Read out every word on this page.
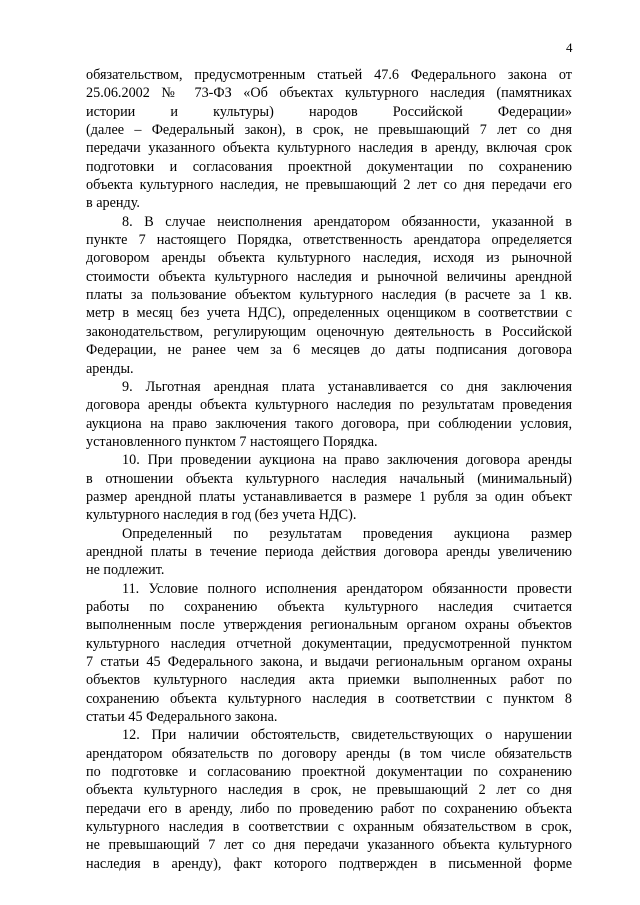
4
обязательством, предусмотренным статьей 47.6 Федерального закона от
25.06.2002 № 73-ФЗ «Об объектах культурного наследия (памятниках
истории и культуры) народов Российской Федерации»
(далее – Федеральный закон), в срок, не превышающий 7 лет со дня
передачи указанного объекта культурного наследия в аренду, включая срок
подготовки и согласования проектной документации по сохранению
объекта культурного наследия, не превышающий 2 лет со дня передачи его
в аренду.
8. В случае неисполнения арендатором обязанности, указанной в
пункте 7 настоящего Порядка, ответственность арендатора определяется
договором аренды объекта культурного наследия, исходя из рыночной
стоимости объекта культурного наследия и рыночной величины арендной
платы за пользование объектом культурного наследия (в расчете за 1 кв.
метр в месяц без учета НДС), определенных оценщиком в соответствии с
законодательством, регулирующим оценочную деятельность в Российской
Федерации, не ранее чем за 6 месяцев до даты подписания договора
аренды.
9. Льготная арендная плата устанавливается со дня заключения
договора аренды объекта культурного наследия по результатам проведения
аукциона на право заключения такого договора, при соблюдении условия,
установленного пунктом 7 настоящего Порядка.
10. При проведении аукциона на право заключения договора аренды
в отношении объекта культурного наследия начальный (минимальный)
размер арендной платы устанавливается в размере 1 рубля за один объект
культурного наследия в год (без учета НДС).
Определенный по результатам проведения аукциона размер
арендной платы в течение периода действия договора аренды увеличению
не подлежит.
11. Условие полного исполнения арендатором обязанности провести
работы по сохранению объекта культурного наследия считается
выполненным после утверждения региональным органом охраны объектов
культурного наследия отчетной документации, предусмотренной пунктом
7 статьи 45 Федерального закона, и выдачи региональным органом охраны
объектов культурного наследия акта приемки выполненных работ по
сохранению объекта культурного наследия в соответствии с пунктом 8
статьи 45 Федерального закона.
12. При наличии обстоятельств, свидетельствующих о нарушении
арендатором обязательств по договору аренды (в том числе обязательств
по подготовке и согласованию проектной документации по сохранению
объекта культурного наследия в срок, не превышающий 2 лет со дня
передачи его в аренду, либо по проведению работ по сохранению объекта
культурного наследия в соответствии с охранным обязательством в срок,
не превышающий 7 лет со дня передачи указанного объекта культурного
наследия в аренду), факт которого подтвержден в письменной форме
